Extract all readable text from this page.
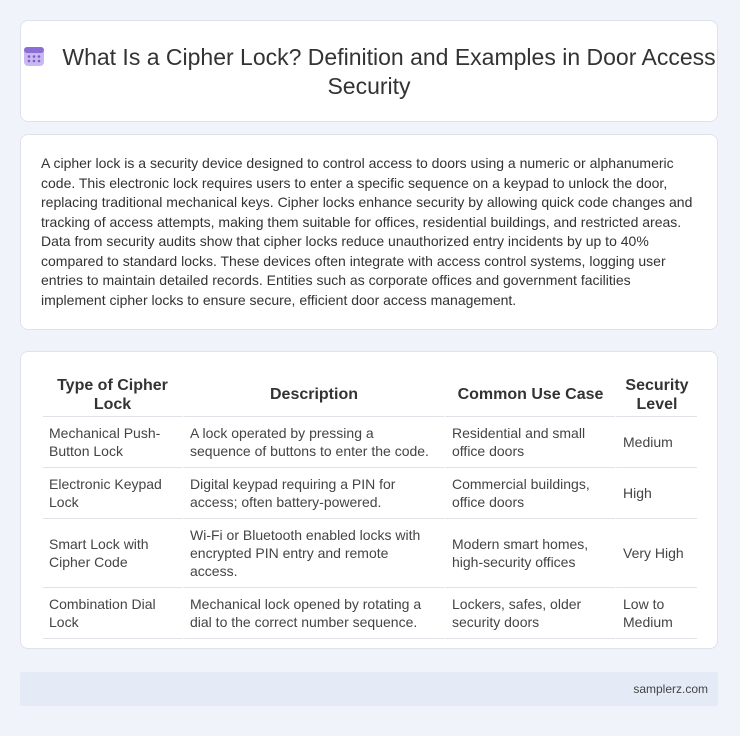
What Is a Cipher Lock? Definition and Examples in Door Access Security

A cipher lock is a security device designed to control access to doors using a numeric or alphanumeric code. This electronic lock requires users to enter a specific sequence on a keypad to unlock the door, replacing traditional mechanical keys. Cipher locks enhance security by allowing quick code changes and tracking of access attempts, making them suitable for offices, residential buildings, and restricted areas. Data from security audits show that cipher locks reduce unauthorized entry incidents by up to 40% compared to standard locks. These devices often integrate with access control systems, logging user entries to maintain detailed records. Entities such as corporate offices and government facilities implement cipher locks to ensure secure, efficient door access management.

Type of Cipher Lock	Description	Common Use Case	Security Level
Mechanical Push-Button Lock	A lock operated by pressing a sequence of buttons to enter the code.	Residential and small office doors	Medium
Electronic Keypad Lock	Digital keypad requiring a PIN for access; often battery-powered.	Commercial buildings, office doors	High
Smart Lock with Cipher Code	Wi-Fi or Bluetooth enabled locks with encrypted PIN entry and remote access.	Modern smart homes, high-security offices	Very High
Combination Dial Lock	Mechanical lock opened by rotating a dial to the correct number sequence.	Lockers, safes, older security doors	Low to Medium
samplerz.com
